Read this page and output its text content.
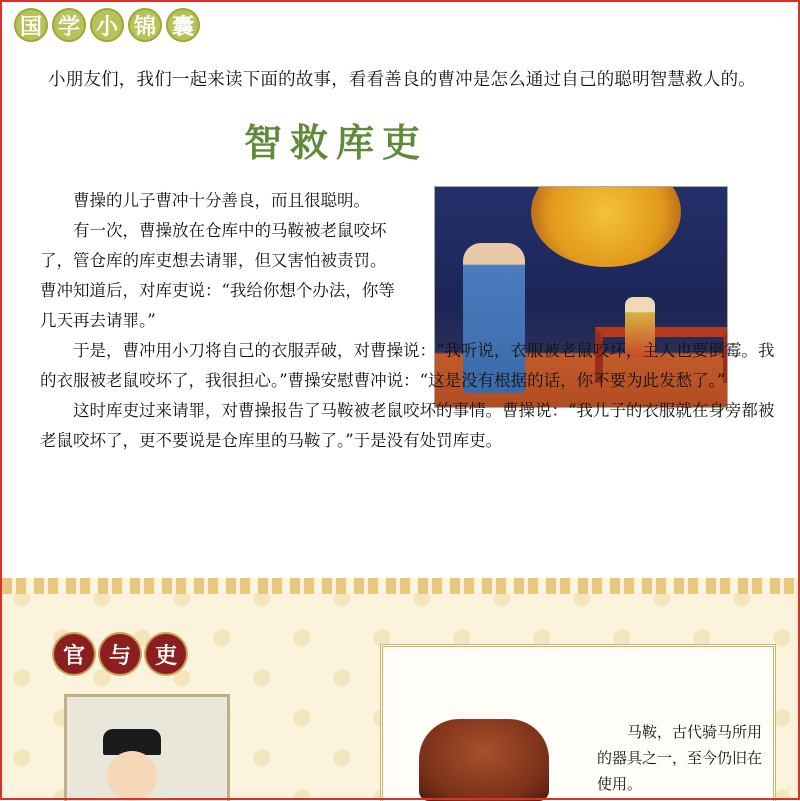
国 学 小 锦 囊
小朋友们，我们一起来读下面的故事，看看善良的曹冲是怎么通过自己的聪明智慧救人的。
智救库吏

曹操的儿子曹冲十分善良，而且很聪明。

有一次，曹操放在仓库中的马鞍被老鼠咬坏了，管仓库的库吏想去请罪，但又害怕被责罚。曹冲知道后，对库吏说：“我给你想个办法，你等几天再去请罪。”

于是，曹冲用小刀将自己的衣服弄破，对曹操说：“我听说，衣服被老鼠咬坏，主人也要倒霉。我的衣服被老鼠咬坏了，我很担心。”曹操安慰曹冲说：“这是没有根据的话，你不要为此发愁了。”

这时库吏过来请罪，对曹操报告了马鞍被老鼠咬坏的事情。曹操说：“我儿子的衣服就在身旁都被老鼠咬坏了，更不要说是仓库里的马鞍了。”于是没有处罚库吏。

官	与	吏
马鞍，古代骑马所用的器具之一，至今仍旧在使用。
